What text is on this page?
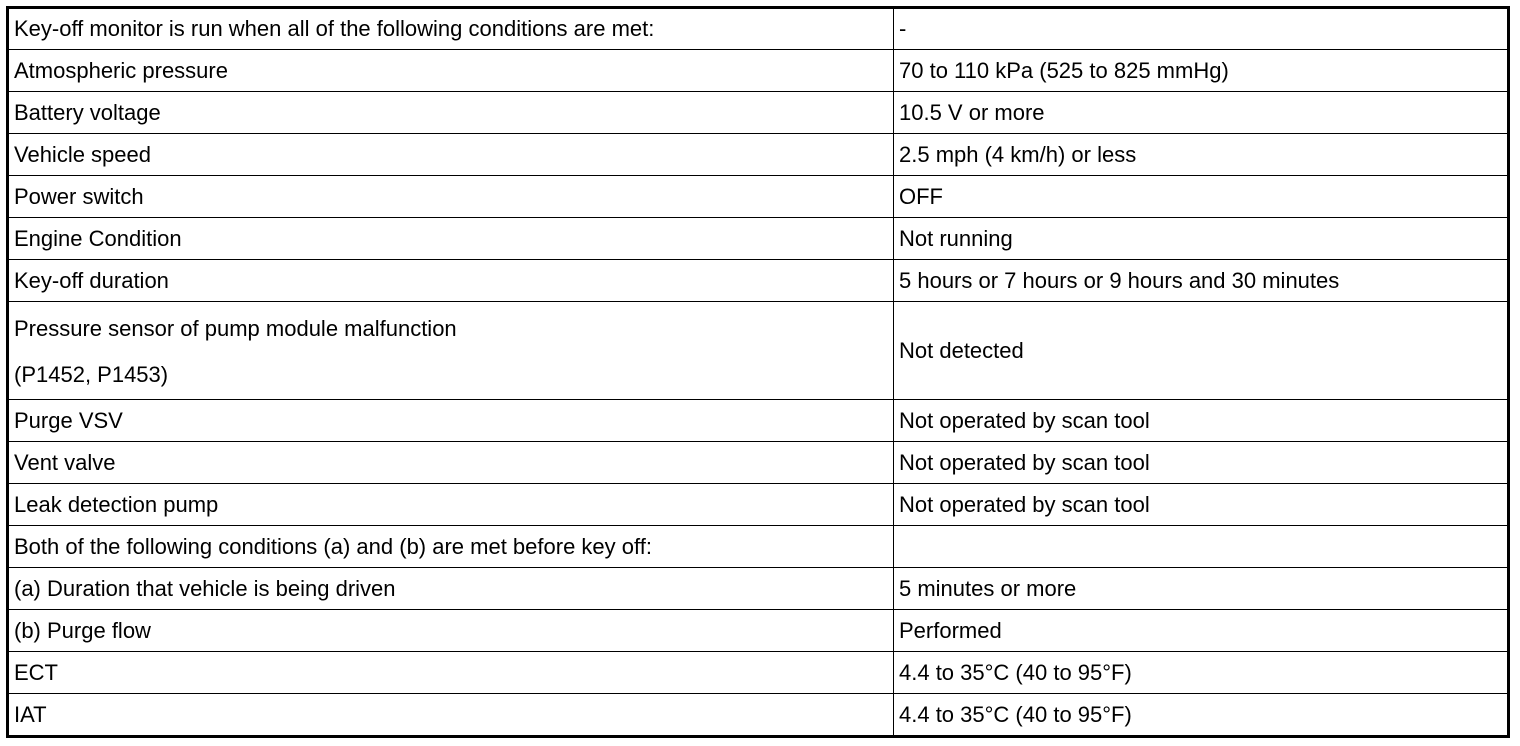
Key-off monitor is run when all of the following conditions are met:	-
Atmospheric pressure	70 to 110 kPa (525 to 825 mmHg)
Battery voltage	10.5 V or more
Vehicle speed	2.5 mph (4 km/h) or less
Power switch	OFF
Engine Condition	Not running
Key-off duration	5 hours or 7 hours or 9 hours and 30 minutes

Pressure sensor of pump module malfunction
(P1452, P1453)	Not detected
Purge VSV	Not operated by scan tool
Vent valve	Not operated by scan tool
Leak detection pump	Not operated by scan tool
Both of the following conditions (a) and (b) are met before key off:	
(a) Duration that vehicle is being driven	5 minutes or more
(b) Purge flow	Performed
ECT	4.4 to 35°C (40 to 95°F)
IAT	4.4 to 35°C (40 to 95°F)
